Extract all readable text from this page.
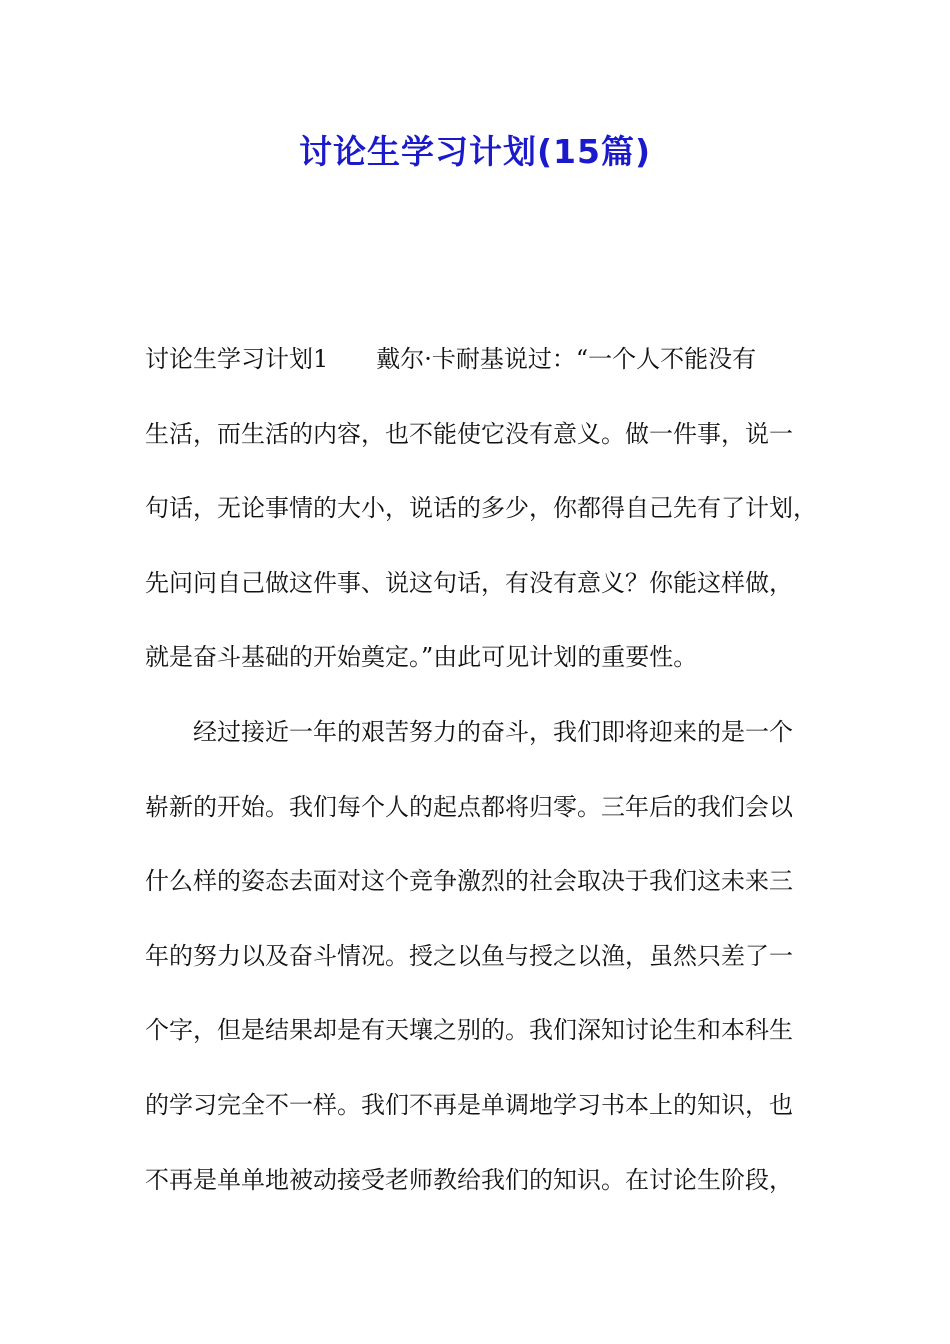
讨论生学习计划(15篇)

讨论生学习计划1　　戴尔·卡耐基说过：“一个人不能没有

生活，而生活的内容，也不能使它没有意义。做一件事，说一

句话，无论事情的大小，说话的多少，你都得自己先有了计划，

先问问自己做这件事、说这句话，有没有意义？你能这样做，

就是奋斗基础的开始奠定。”由此可见计划的重要性。

经过接近一年的艰苦努力的奋斗，我们即将迎来的是一个

崭新的开始。我们每个人的起点都将归零。三年后的我们会以

什么样的姿态去面对这个竞争激烈的社会取决于我们这未来三

年的努力以及奋斗情况。授之以鱼与授之以渔，虽然只差了一

个字，但是结果却是有天壤之别的。我们深知讨论生和本科生

的学习完全不一样。我们不再是单调地学习书本上的知识，也

不再是单单地被动接受老师教给我们的知识。在讨论生阶段，
